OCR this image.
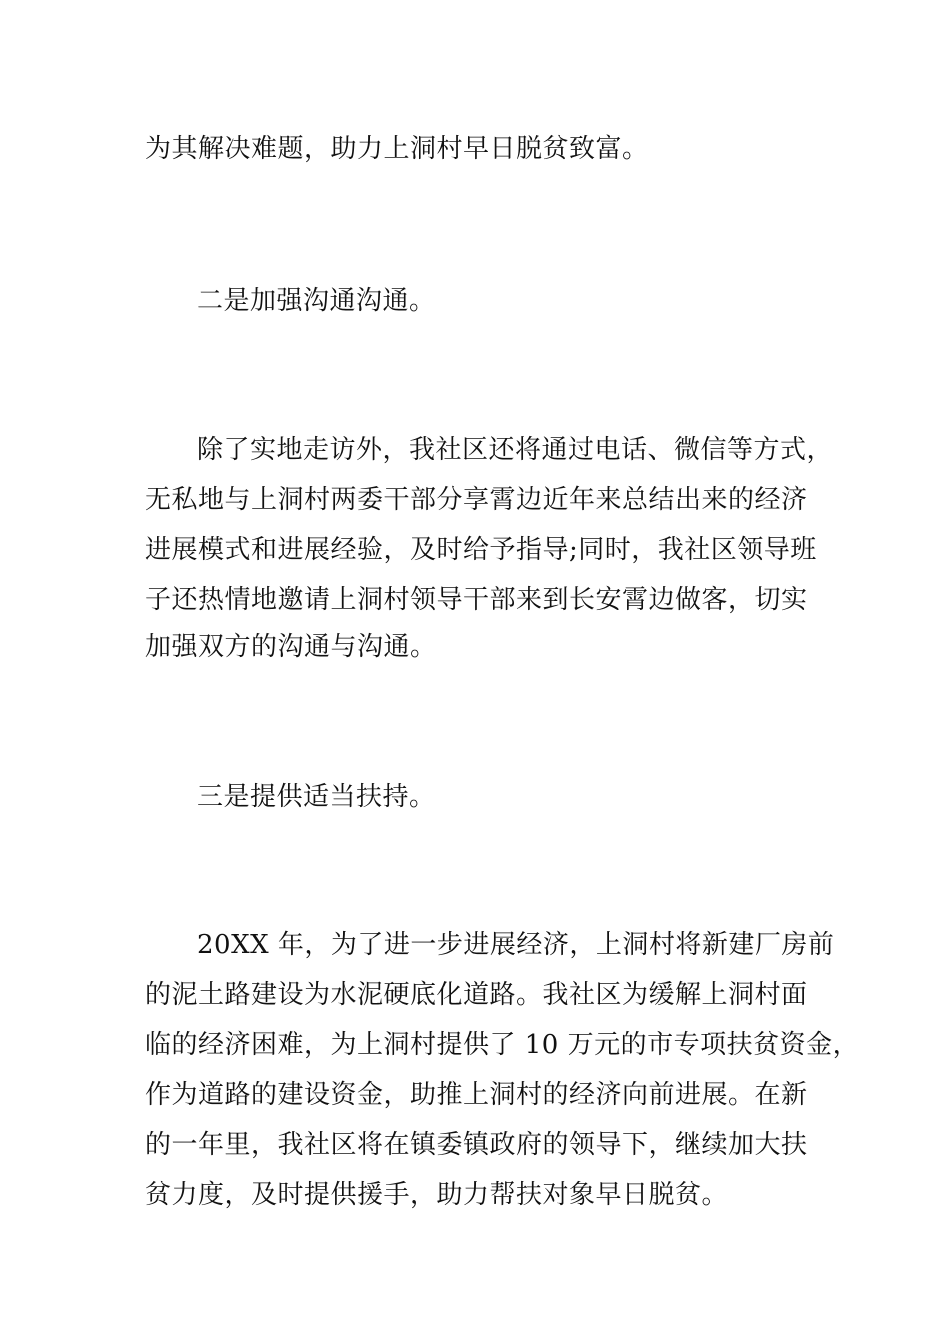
为其解决难题，助力上洞村早日脱贫致富。
二是加强沟通沟通。
除了实地走访外，我社区还将通过电话、微信等方式，
无私地与上洞村两委干部分享霄边近年来总结出来的经济
进展模式和进展经验，及时给予指导;同时，我社区领导班
子还热情地邀请上洞村领导干部来到长安霄边做客，切实
加强双方的沟通与沟通。
三是提供适当扶持。
20XX 年，为了进一步进展经济，上洞村将新建厂房前
的泥土路建设为水泥硬底化道路。我社区为缓解上洞村面
临的经济困难，为上洞村提供了 10 万元的市专项扶贫资金，
作为道路的建设资金，助推上洞村的经济向前进展。在新
的一年里，我社区将在镇委镇政府的领导下，继续加大扶
贫力度，及时提供援手，助力帮扶对象早日脱贫。
